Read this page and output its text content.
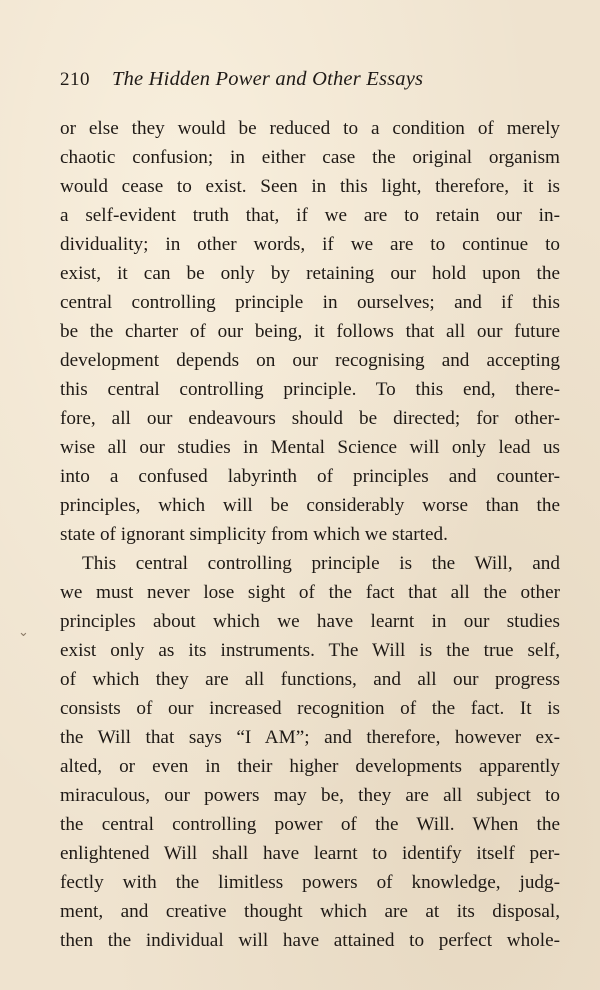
210 The Hidden Power and Other Essays
or else they would be reduced to a condition of merely
chaotic confusion; in either case the original organism
would cease to exist. Seen in this light, therefore, it is
a self-evident truth that, if we are to retain our in-
dividuality; in other words, if we are to continue to
exist, it can be only by retaining our hold upon the
central controlling principle in ourselves; and if this
be the charter of our being, it follows that all our future
development depends on our recognising and accepting
this central controlling principle. To this end, there-
fore, all our endeavours should be directed; for other-
wise all our studies in Mental Science will only lead us
into a confused labyrinth of principles and counter-
principles, which will be considerably worse than the
state of ignorant simplicity from which we started.
This central controlling principle is the Will, and
we must never lose sight of the fact that all the other
principles about which we have learnt in our studies
exist only as its instruments. The Will is the true self,
of which they are all functions, and all our progress
consists of our increased recognition of the fact. It is
the Will that says “I AM”; and therefore, however ex-
alted, or even in their higher developments apparently
miraculous, our powers may be, they are all subject to
the central controlling power of the Will. When the
enlightened Will shall have learnt to identify itself per-
fectly with the limitless powers of knowledge, judg-
ment, and creative thought which are at its disposal,
then the individual will have attained to perfect whole-
⌄
